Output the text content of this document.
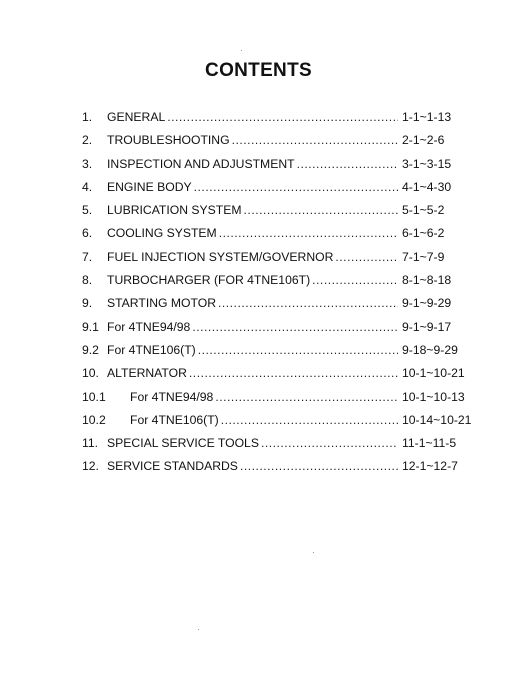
CONTENTS
1.	GENERAL .....	1-1~1-13
2.	TROUBLESHOOTING .....	2-1~2-6
3.	INSPECTION AND ADJUSTMENT .....	3-1~3-15
4.	ENGINE BODY .....	4-1~4-30
5.	LUBRICATION SYSTEM .....	5-1~5-2
6.	COOLING SYSTEM .....	6-1~6-2
7.	FUEL INJECTION SYSTEM/GOVERNOR .....	7-1~7-9
8.	TURBOCHARGER (FOR 4TNE106T) .....	8-1~8-18
9.	STARTING MOTOR .....	9-1~9-29
9.1 For 4TNE94/98 .....	9-1~9-17
9.2 For 4TNE106(T) .....	9-18~9-29
10. ALTERNATOR .....	10-1~10-21
10.1	For 4TNE94/98 .....	10-1~10-13
10.2	For 4TNE106(T) .....	10-14~10-21
11. SPECIAL SERVICE TOOLS .....	11-1~11-5
12. SERVICE STANDARDS .....	12-1~12-7
